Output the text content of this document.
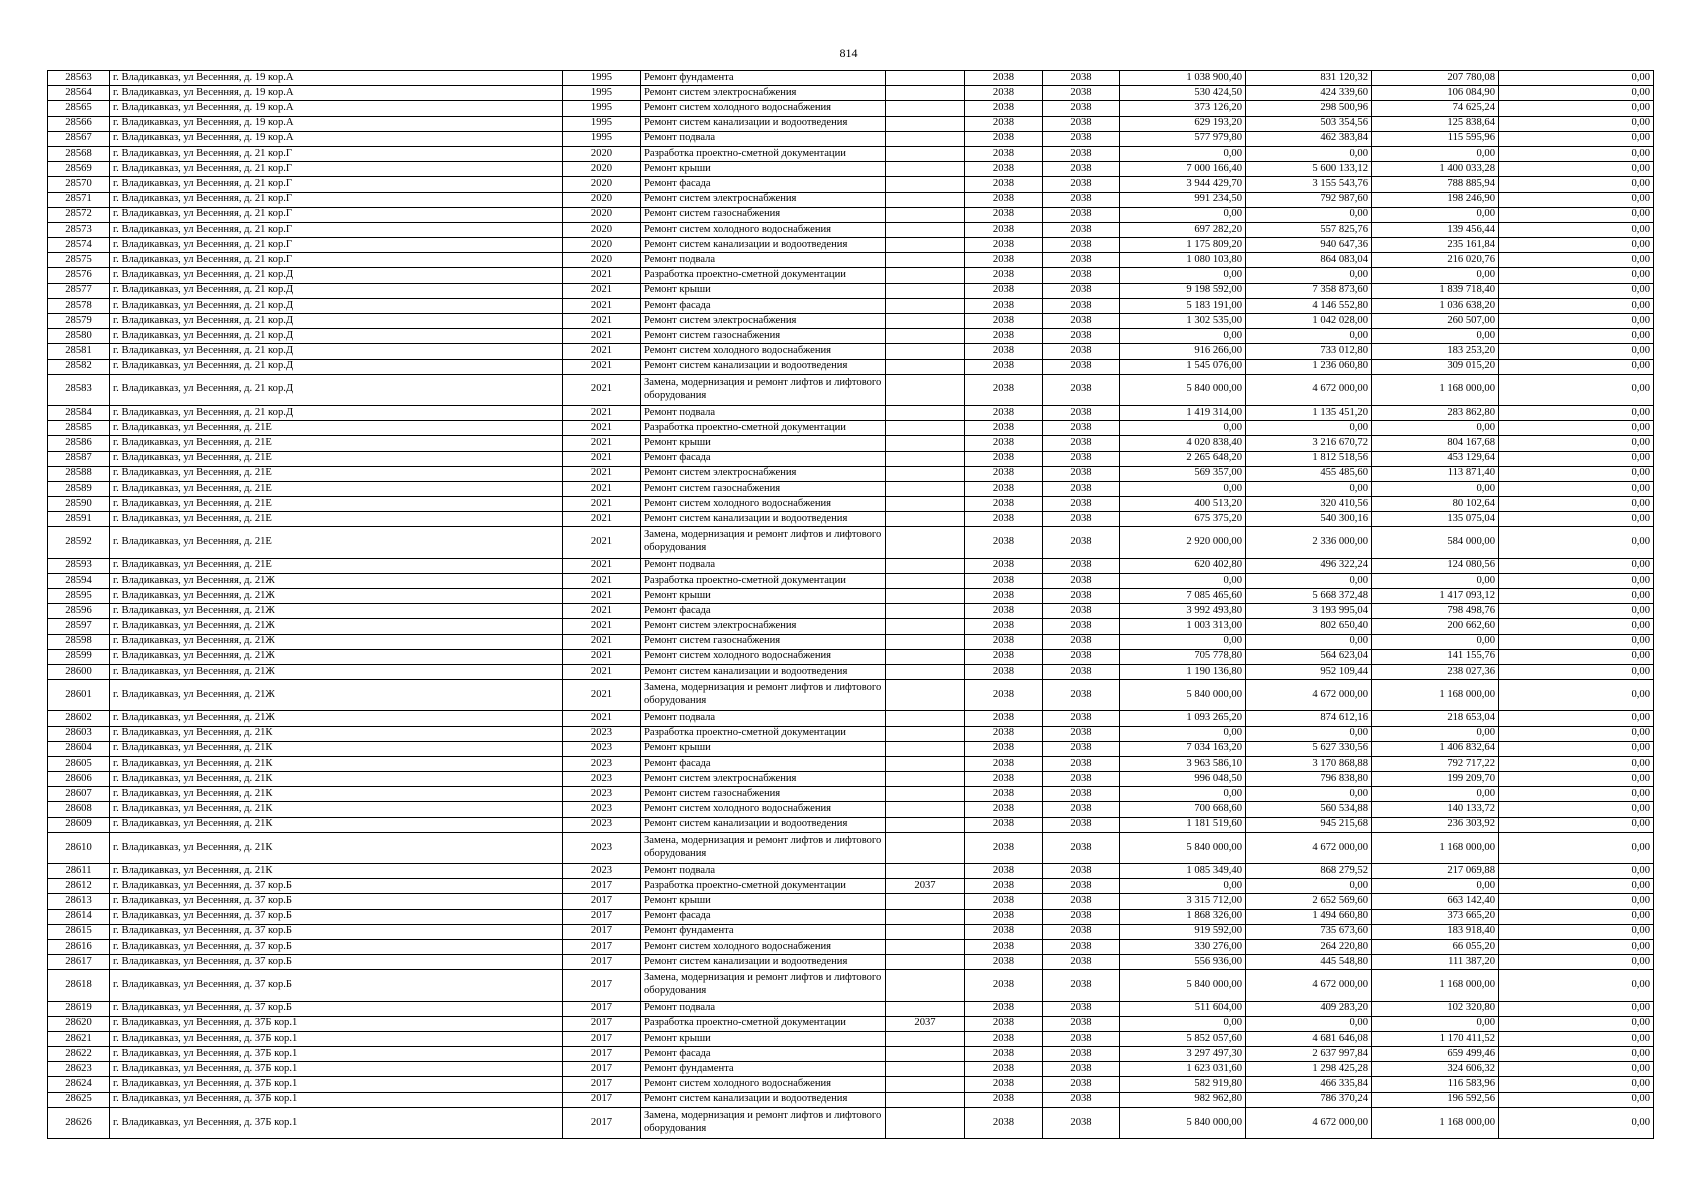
814
28563	г. Владикавказ, ул Весенняя, д. 19 кор.А	1995	Ремонт фундамента		2038	2038	1 038 900,40	831 120,32	207 780,08	0,00
28564	г. Владикавказ, ул Весенняя, д. 19 кор.А	1995	Ремонт систем электроснабжения		2038	2038	530 424,50	424 339,60	106 084,90	0,00
28565	г. Владикавказ, ул Весенняя, д. 19 кор.А	1995	Ремонт систем холодного водоснабжения		2038	2038	373 126,20	298 500,96	74 625,24	0,00
28566	г. Владикавказ, ул Весенняя, д. 19 кор.А	1995	Ремонт систем канализации и водоотведения		2038	2038	629 193,20	503 354,56	125 838,64	0,00
28567	г. Владикавказ, ул Весенняя, д. 19 кор.А	1995	Ремонт подвала		2038	2038	577 979,80	462 383,84	115 595,96	0,00
28568	г. Владикавказ, ул Весенняя, д. 21 кор.Г	2020	Разработка проектно-сметной документации		2038	2038	0,00	0,00	0,00	0,00
28569	г. Владикавказ, ул Весенняя, д. 21 кор.Г	2020	Ремонт крыши		2038	2038	7 000 166,40	5 600 133,12	1 400 033,28	0,00
28570	г. Владикавказ, ул Весенняя, д. 21 кор.Г	2020	Ремонт фасада		2038	2038	3 944 429,70	3 155 543,76	788 885,94	0,00
28571	г. Владикавказ, ул Весенняя, д. 21 кор.Г	2020	Ремонт систем электроснабжения		2038	2038	991 234,50	792 987,60	198 246,90	0,00
28572	г. Владикавказ, ул Весенняя, д. 21 кор.Г	2020	Ремонт систем газоснабжения		2038	2038	0,00	0,00	0,00	0,00
28573	г. Владикавказ, ул Весенняя, д. 21 кор.Г	2020	Ремонт систем холодного водоснабжения		2038	2038	697 282,20	557 825,76	139 456,44	0,00
28574	г. Владикавказ, ул Весенняя, д. 21 кор.Г	2020	Ремонт систем канализации и водоотведения		2038	2038	1 175 809,20	940 647,36	235 161,84	0,00
28575	г. Владикавказ, ул Весенняя, д. 21 кор.Г	2020	Ремонт подвала		2038	2038	1 080 103,80	864 083,04	216 020,76	0,00
28576	г. Владикавказ, ул Весенняя, д. 21 кор.Д	2021	Разработка проектно-сметной документации		2038	2038	0,00	0,00	0,00	0,00
28577	г. Владикавказ, ул Весенняя, д. 21 кор.Д	2021	Ремонт крыши		2038	2038	9 198 592,00	7 358 873,60	1 839 718,40	0,00
28578	г. Владикавказ, ул Весенняя, д. 21 кор.Д	2021	Ремонт фасада		2038	2038	5 183 191,00	4 146 552,80	1 036 638,20	0,00
28579	г. Владикавказ, ул Весенняя, д. 21 кор.Д	2021	Ремонт систем электроснабжения		2038	2038	1 302 535,00	1 042 028,00	260 507,00	0,00
28580	г. Владикавказ, ул Весенняя, д. 21 кор.Д	2021	Ремонт систем газоснабжения		2038	2038	0,00	0,00	0,00	0,00
28581	г. Владикавказ, ул Весенняя, д. 21 кор.Д	2021	Ремонт систем холодного водоснабжения		2038	2038	916 266,00	733 012,80	183 253,20	0,00
28582	г. Владикавказ, ул Весенняя, д. 21 кор.Д	2021	Ремонт систем канализации и водоотведения		2038	2038	1 545 076,00	1 236 060,80	309 015,20	0,00
28583	г. Владикавказ, ул Весенняя, д. 21 кор.Д	2021	Замена, модернизация и ремонт лифтов и лифтового оборудования		2038	2038	5 840 000,00	4 672 000,00	1 168 000,00	0,00
28584	г. Владикавказ, ул Весенняя, д. 21 кор.Д	2021	Ремонт подвала		2038	2038	1 419 314,00	1 135 451,20	283 862,80	0,00
28585	г. Владикавказ, ул Весенняя, д. 21Е	2021	Разработка проектно-сметной документации		2038	2038	0,00	0,00	0,00	0,00
28586	г. Владикавказ, ул Весенняя, д. 21Е	2021	Ремонт крыши		2038	2038	4 020 838,40	3 216 670,72	804 167,68	0,00
28587	г. Владикавказ, ул Весенняя, д. 21Е	2021	Ремонт фасада		2038	2038	2 265 648,20	1 812 518,56	453 129,64	0,00
28588	г. Владикавказ, ул Весенняя, д. 21Е	2021	Ремонт систем электроснабжения		2038	2038	569 357,00	455 485,60	113 871,40	0,00
28589	г. Владикавказ, ул Весенняя, д. 21Е	2021	Ремонт систем газоснабжения		2038	2038	0,00	0,00	0,00	0,00
28590	г. Владикавказ, ул Весенняя, д. 21Е	2021	Ремонт систем холодного водоснабжения		2038	2038	400 513,20	320 410,56	80 102,64	0,00
28591	г. Владикавказ, ул Весенняя, д. 21Е	2021	Ремонт систем канализации и водоотведения		2038	2038	675 375,20	540 300,16	135 075,04	0,00
28592	г. Владикавказ, ул Весенняя, д. 21Е	2021	Замена, модернизация и ремонт лифтов и лифтового оборудования		2038	2038	2 920 000,00	2 336 000,00	584 000,00	0,00
28593	г. Владикавказ, ул Весенняя, д. 21Е	2021	Ремонт подвала		2038	2038	620 402,80	496 322,24	124 080,56	0,00
28594	г. Владикавказ, ул Весенняя, д. 21Ж	2021	Разработка проектно-сметной документации		2038	2038	0,00	0,00	0,00	0,00
28595	г. Владикавказ, ул Весенняя, д. 21Ж	2021	Ремонт крыши		2038	2038	7 085 465,60	5 668 372,48	1 417 093,12	0,00
28596	г. Владикавказ, ул Весенняя, д. 21Ж	2021	Ремонт фасада		2038	2038	3 992 493,80	3 193 995,04	798 498,76	0,00
28597	г. Владикавказ, ул Весенняя, д. 21Ж	2021	Ремонт систем электроснабжения		2038	2038	1 003 313,00	802 650,40	200 662,60	0,00
28598	г. Владикавказ, ул Весенняя, д. 21Ж	2021	Ремонт систем газоснабжения		2038	2038	0,00	0,00	0,00	0,00
28599	г. Владикавказ, ул Весенняя, д. 21Ж	2021	Ремонт систем холодного водоснабжения		2038	2038	705 778,80	564 623,04	141 155,76	0,00
28600	г. Владикавказ, ул Весенняя, д. 21Ж	2021	Ремонт систем канализации и водоотведения		2038	2038	1 190 136,80	952 109,44	238 027,36	0,00
28601	г. Владикавказ, ул Весенняя, д. 21Ж	2021	Замена, модернизация и ремонт лифтов и лифтового оборудования		2038	2038	5 840 000,00	4 672 000,00	1 168 000,00	0,00
28602	г. Владикавказ, ул Весенняя, д. 21Ж	2021	Ремонт подвала		2038	2038	1 093 265,20	874 612,16	218 653,04	0,00
28603	г. Владикавказ, ул Весенняя, д. 21К	2023	Разработка проектно-сметной документации		2038	2038	0,00	0,00	0,00	0,00
28604	г. Владикавказ, ул Весенняя, д. 21К	2023	Ремонт крыши		2038	2038	7 034 163,20	5 627 330,56	1 406 832,64	0,00
28605	г. Владикавказ, ул Весенняя, д. 21К	2023	Ремонт фасада		2038	2038	3 963 586,10	3 170 868,88	792 717,22	0,00
28606	г. Владикавказ, ул Весенняя, д. 21К	2023	Ремонт систем электроснабжения		2038	2038	996 048,50	796 838,80	199 209,70	0,00
28607	г. Владикавказ, ул Весенняя, д. 21К	2023	Ремонт систем газоснабжения		2038	2038	0,00	0,00	0,00	0,00
28608	г. Владикавказ, ул Весенняя, д. 21К	2023	Ремонт систем холодного водоснабжения		2038	2038	700 668,60	560 534,88	140 133,72	0,00
28609	г. Владикавказ, ул Весенняя, д. 21К	2023	Ремонт систем канализации и водоотведения		2038	2038	1 181 519,60	945 215,68	236 303,92	0,00
28610	г. Владикавказ, ул Весенняя, д. 21К	2023	Замена, модернизация и ремонт лифтов и лифтового оборудования		2038	2038	5 840 000,00	4 672 000,00	1 168 000,00	0,00
28611	г. Владикавказ, ул Весенняя, д. 21К	2023	Ремонт подвала		2038	2038	1 085 349,40	868 279,52	217 069,88	0,00
28612	г. Владикавказ, ул Весенняя, д. 37 кор.Б	2017	Разработка проектно-сметной документации	2037	2038	2038	0,00	0,00	0,00	0,00
28613	г. Владикавказ, ул Весенняя, д. 37 кор.Б	2017	Ремонт крыши		2038	2038	3 315 712,00	2 652 569,60	663 142,40	0,00
28614	г. Владикавказ, ул Весенняя, д. 37 кор.Б	2017	Ремонт фасада		2038	2038	1 868 326,00	1 494 660,80	373 665,20	0,00
28615	г. Владикавказ, ул Весенняя, д. 37 кор.Б	2017	Ремонт фундамента		2038	2038	919 592,00	735 673,60	183 918,40	0,00
28616	г. Владикавказ, ул Весенняя, д. 37 кор.Б	2017	Ремонт систем холодного водоснабжения		2038	2038	330 276,00	264 220,80	66 055,20	0,00
28617	г. Владикавказ, ул Весенняя, д. 37 кор.Б	2017	Ремонт систем канализации и водоотведения		2038	2038	556 936,00	445 548,80	111 387,20	0,00
28618	г. Владикавказ, ул Весенняя, д. 37 кор.Б	2017	Замена, модернизация и ремонт лифтов и лифтового оборудования		2038	2038	5 840 000,00	4 672 000,00	1 168 000,00	0,00
28619	г. Владикавказ, ул Весенняя, д. 37 кор.Б	2017	Ремонт подвала		2038	2038	511 604,00	409 283,20	102 320,80	0,00
28620	г. Владикавказ, ул Весенняя, д. 37Б кор.1	2017	Разработка проектно-сметной документации	2037	2038	2038	0,00	0,00	0,00	0,00
28621	г. Владикавказ, ул Весенняя, д. 37Б кор.1	2017	Ремонт крыши		2038	2038	5 852 057,60	4 681 646,08	1 170 411,52	0,00
28622	г. Владикавказ, ул Весенняя, д. 37Б кор.1	2017	Ремонт фасада		2038	2038	3 297 497,30	2 637 997,84	659 499,46	0,00
28623	г. Владикавказ, ул Весенняя, д. 37Б кор.1	2017	Ремонт фундамента		2038	2038	1 623 031,60	1 298 425,28	324 606,32	0,00
28624	г. Владикавказ, ул Весенняя, д. 37Б кор.1	2017	Ремонт систем холодного водоснабжения		2038	2038	582 919,80	466 335,84	116 583,96	0,00
28625	г. Владикавказ, ул Весенняя, д. 37Б кор.1	2017	Ремонт систем канализации и водоотведения		2038	2038	982 962,80	786 370,24	196 592,56	0,00
28626	г. Владикавказ, ул Весенняя, д. 37Б кор.1	2017	Замена, модернизация и ремонт лифтов и лифтового оборудования		2038	2038	5 840 000,00	4 672 000,00	1 168 000,00	0,00
